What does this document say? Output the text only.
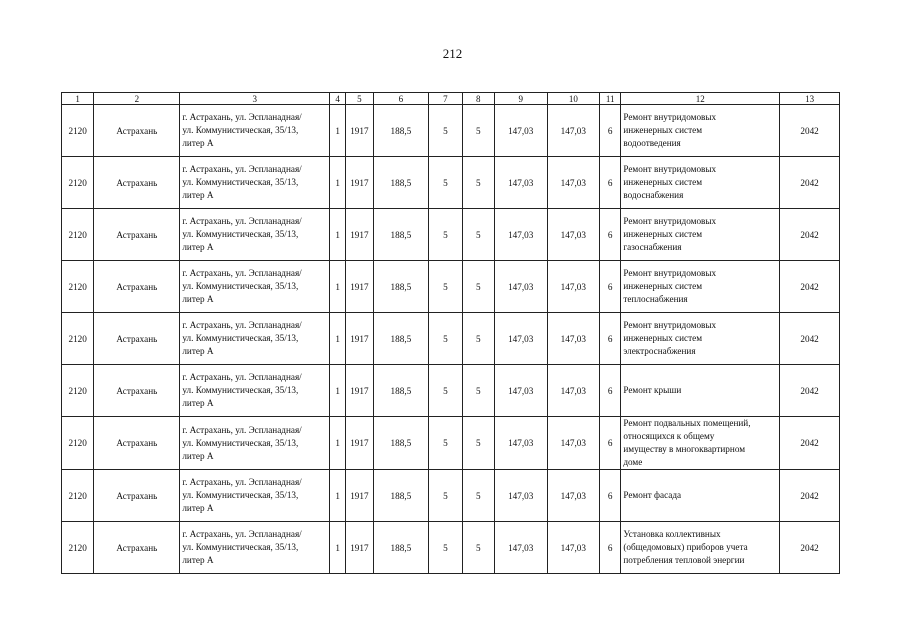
212
1	2	3	4	5	6	7	8	9	10	11	12	13
2120	Астрахань	г. Астрахань, ул. Эспланадная/
ул. Коммунистическая, 35/13,
литер А	1	1917	188,5	5	5	147,03	147,03	6	Ремонт внутридомовых
инженерных систем
водоотведения	2042
2120	Астрахань	г. Астрахань, ул. Эспланадная/
ул. Коммунистическая, 35/13,
литер А	1	1917	188,5	5	5	147,03	147,03	6	Ремонт внутридомовых
инженерных систем
водоснабжения	2042
2120	Астрахань	г. Астрахань, ул. Эспланадная/
ул. Коммунистическая, 35/13,
литер А	1	1917	188,5	5	5	147,03	147,03	6	Ремонт внутридомовых
инженерных систем
газоснабжения	2042
2120	Астрахань	г. Астрахань, ул. Эспланадная/
ул. Коммунистическая, 35/13,
литер А	1	1917	188,5	5	5	147,03	147,03	6	Ремонт внутридомовых
инженерных систем
теплоснабжения	2042
2120	Астрахань	г. Астрахань, ул. Эспланадная/
ул. Коммунистическая, 35/13,
литер А	1	1917	188,5	5	5	147,03	147,03	6	Ремонт внутридомовых
инженерных систем
электроснабжения	2042
2120	Астрахань	г. Астрахань, ул. Эспланадная/
ул. Коммунистическая, 35/13,
литер А	1	1917	188,5	5	5	147,03	147,03	6	Ремонт крыши	2042
2120	Астрахань	г. Астрахань, ул. Эспланадная/
ул. Коммунистическая, 35/13,
литер А	1	1917	188,5	5	5	147,03	147,03	6	Ремонт подвальных помещений,
относящихся к общему
имуществу в многоквартирном
доме	2042
2120	Астрахань	г. Астрахань, ул. Эспланадная/
ул. Коммунистическая, 35/13,
литер А	1	1917	188,5	5	5	147,03	147,03	6	Ремонт фасада	2042
2120	Астрахань	г. Астрахань, ул. Эспланадная/
ул. Коммунистическая, 35/13,
литер А	1	1917	188,5	5	5	147,03	147,03	6	Установка коллективных
(общедомовых) приборов учета
потребления тепловой энергии	2042
